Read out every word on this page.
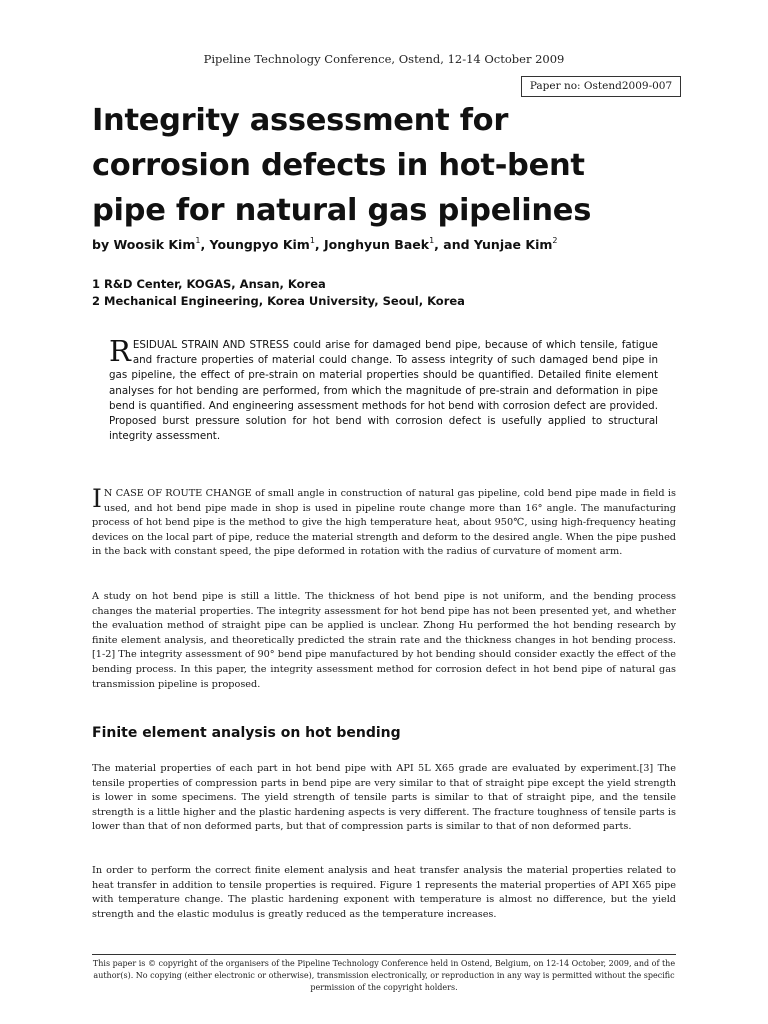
Pipeline Technology Conference, Ostend, 12-14 October 2009
Paper no: Ostend2009-007
Integrity assessment for
corrosion defects in hot-bent
pipe for natural gas pipelines
by Woosik Kim$^1$, Youngpyo Kim$^1$, Jonghyun Baek$^1$, and Yunjae Kim$^2$
1 R&D Center, KOGAS, Ansan, Korea
2 Mechanical Engineering, Korea University, Seoul, Korea

RESIDUAL STRAIN AND STRESS could arise for damaged bend pipe, because of which tensile, fatigue and fracture properties of material could change. To assess integrity of such damaged bend pipe in gas pipeline, the effect of pre-strain on material properties should be quantified. Detailed finite element analyses for hot bending are performed, from which the magnitude of pre-strain and deformation in pipe bend is quantified. And engineering assessment methods for hot bend with corrosion defect are provided. Proposed burst pressure solution for hot bend with corrosion defect is usefully applied to structural integrity assessment.

I N CASE OF ROUTE CHANGE of small angle in construction of natural gas pipeline, cold bend pipe made in field is used, and hot bend pipe made in shop is used in pipeline route change more than 16° angle. The manufacturing process of hot bend pipe is the method to give the high temperature heat, about 950℃, using high-frequency heating devices on the local part of pipe, reduce the material strength and deform to the desired angle. When the pipe pushed in the back with constant speed, the pipe deformed in rotation with the radius of curvature of moment arm.

A study on hot bend pipe is still a little. The thickness of hot bend pipe is not uniform, and the bending process changes the material properties. The integrity assessment for hot bend pipe has not been presented yet, and whether the evaluation method of straight pipe can be applied is unclear. Zhong Hu performed the hot bending research by finite element analysis, and theoretically predicted the strain rate and the thickness changes in hot bending process.[1-2] The integrity assessment of 90° bend pipe manufactured by hot bending should consider exactly the effect of the bending process. In this paper, the integrity assessment method for corrosion defect in hot bend pipe of natural gas transmission pipeline is proposed.

Finite element analysis on hot bending

The material properties of each part in hot bend pipe with API 5L X65 grade are evaluated by experiment.[3] The tensile properties of compression parts in bend pipe are very similar to that of straight pipe except the yield strength is lower in some specimens. The yield strength of tensile parts is similar to that of straight pipe, and the tensile strength is a little higher and the plastic hardening aspects is very different. The fracture toughness of tensile parts is lower than that of non deformed parts, but that of compression parts is similar to that of non deformed parts.

In order to perform the correct finite element analysis and heat transfer analysis the material properties related to heat transfer in addition to tensile properties is required. Figure 1 represents the material properties of API X65 pipe with temperature change. The plastic hardening exponent with temperature is almost no difference, but the yield strength and the elastic modulus is greatly reduced as the temperature increases.

This paper is © copyright of the organisers of the Pipeline Technology Conference held in Ostend, Belgium, on 12-14 October, 2009, and of the author(s). No copying (either electronic or otherwise), transmission electronically, or reproduction in any way is permitted without the specific permission of the copyright holders.
